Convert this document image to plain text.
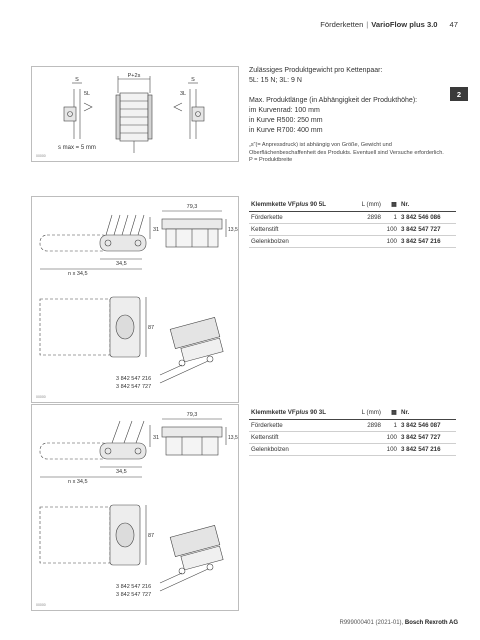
Förderketten | VarioFlow plus 3.0 47
2
S
P+2s
S
5L	3L
s max = 5 mm
00000

Zulässiges Produktgewicht pro Kettenpaar:

5L: 15 N; 3L: 9 N

Max. Produktlänge (in Abhängigkeit der Produkthöhe):

im Kurvenrad: 100 mm

in Kurve R500: 250 mm

in Kurve R700: 400 mm

„s“(= Anpressdruck) ist abhängig von Größe, Gewicht und Oberflächenbeschaffenheit des Produkts. Eventuell sind Versuche erforderlich.

P = Produktbreite

79,3
31	13,5
34,5
n x 34,5
87
3 842 547 216
3 842 547 727
00000
Klemmkette VFplus 90 5L	L (mm)	▦	Nr.
Förderkette	2898	1	3 842 546 086
Kettenstift		100	3 842 547 727
Gelenkbolzen		100	3 842 547 216
79,3
31	13,5
34,5
n x 34,5
87
3 842 547 216
3 842 547 727
00000
Klemmkette VFplus 90 3L	L (mm)	▦	Nr.
Förderkette	2898	1	3 842 546 087
Kettenstift		100	3 842 547 727
Gelenkbolzen		100	3 842 547 216
R999000401 (2021-01), Bosch Rexroth AG
